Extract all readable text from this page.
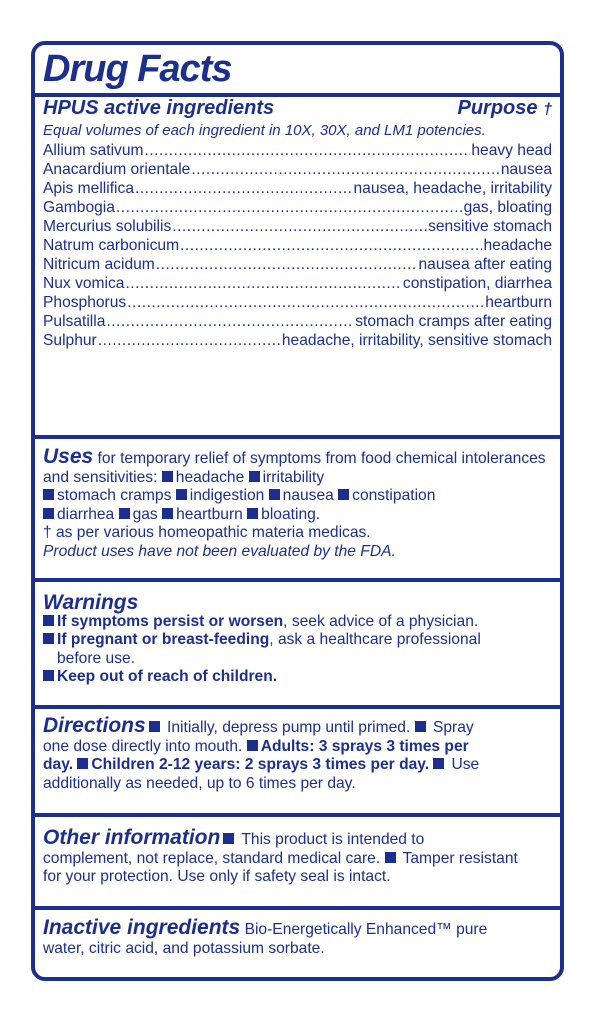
Drug Facts
HPUS active ingredients	Purpose †
Equal volumes of each ingredient in 10X, 30X, and LM1 potencies.
Allium sativum .....	heavy head
Anacardium orientale .....	nausea
Apis mellifica .....	nausea, headache, irritability
Gambogia .....	gas, bloating
Mercurius solubilis .....	sensitive stomach
Natrum carbonicum .....	headache
Nitricum acidum .....	nausea after eating
Nux vomica .....	constipation, diarrhea
Phosphorus .....	heartburn
Pulsatilla .....	stomach cramps after eating
Sulphur .....	headache, irritability, sensitive stomach
Uses for temporary relief of symptoms from food chemical intolerances and sensitivities: headache irritability
stomach cramps indigestion nausea constipation
diarrhea gas heartburn bloating.
† as per various homeopathic materia medicas.
Product uses have not been evaluated by the FDA.
Warnings
If symptoms persist or worsen, seek advice of a physician.
If pregnant or breast-feeding, ask a healthcare professional
before use.
Keep out of reach of children.
Directions Initially, depress pump until primed.  Spray
one dose directly into mouth. Adults: 3 sprays 3 times per
day. Children 2-12 years: 2 sprays 3 times per day. Use
additionally as needed, up to 6 times per day.
Other information This product is intended to
complement, not replace, standard medical care.  Tamper resistant
for your protection. Use only if safety seal is intact.
Inactive ingredients Bio-Energetically Enhanced™ pure
water, citric acid, and potassium sorbate.
